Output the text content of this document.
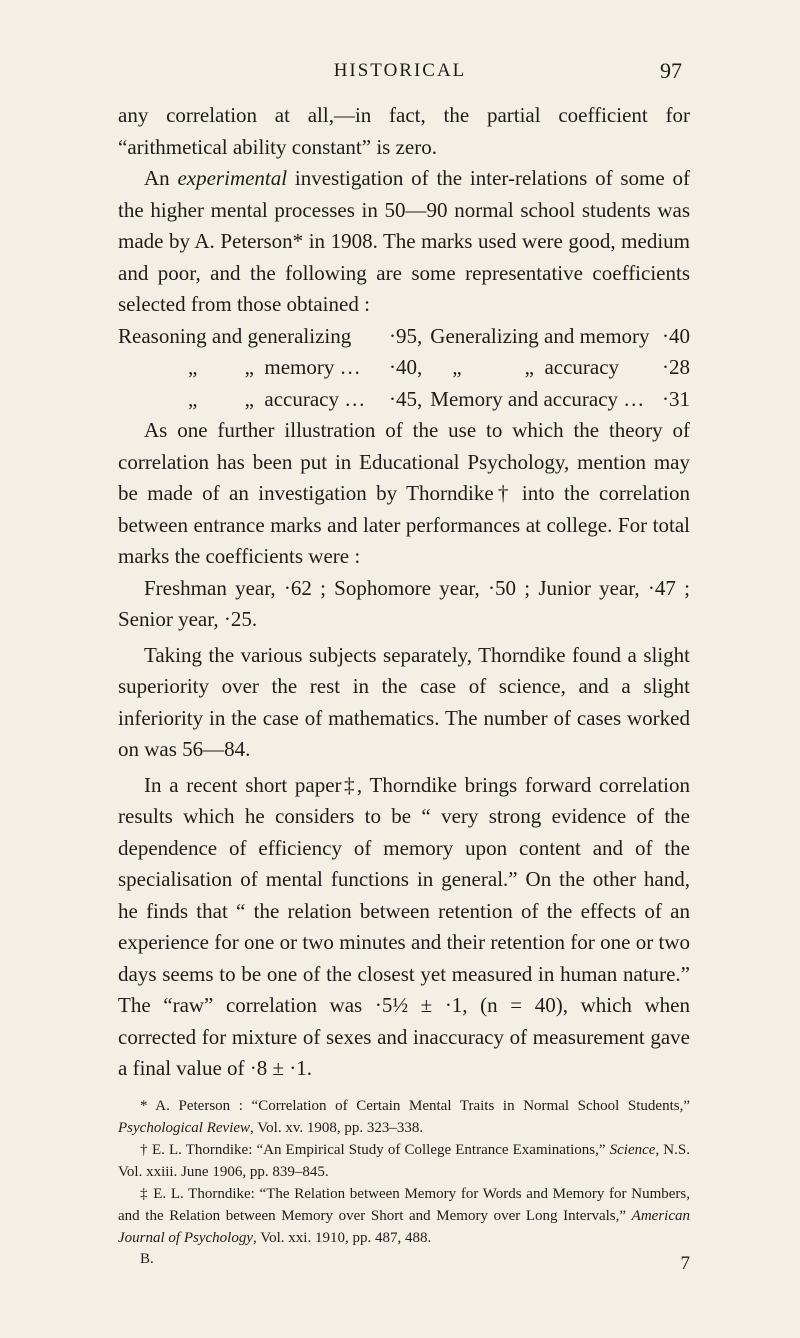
HISTORICAL	97

any correlation at all,—in fact, the partial coefficient for “arithmetical ability constant” is zero.

An experimental investigation of the inter-relations of some of the higher mental processes in 50—90 normal school students was made by A. Peterson* in 1908. The marks used were good, medium and poor, and the following are some representative coefficients selected from those obtained :

Reasoning and generalizing	·95,	Generalizing and memory	·40
„         „  memory …	·40,	„            „  accuracy	·28
„         „  accuracy …	·45,	Memory and accuracy …	·31

As one further illustration of the use to which the theory of correlation has been put in Educational Psychology, mention may be made of an investigation by Thorndike† into the correlation between entrance marks and later performances at college. For total marks the coefficients were :

Freshman year, ·62 ; Sophomore year, ·50 ; Junior year, ·47 ; Senior year, ·25.

Taking the various subjects separately, Thorndike found a slight superiority over the rest in the case of science, and a slight inferiority in the case of mathematics. The number of cases worked on was 56—84.

In a recent short paper‡, Thorndike brings forward correlation results which he considers to be “ very strong evidence of the dependence of efficiency of memory upon content and of the specialisation of mental functions in general.” On the other hand, he finds that “ the relation between retention of the effects of an experience for one or two minutes and their retention for one or two days seems to be one of the closest yet measured in human nature.” The “raw” correlation was ·5½ ± ·1, (n = 40), which when corrected for mixture of sexes and inaccuracy of measurement gave a final value of ·8 ± ·1.

* A. Peterson : “Correlation of Certain Mental Traits in Normal School Students,” Psychological Review, Vol. xv. 1908, pp. 323–338.

† E. L. Thorndike: “An Empirical Study of College Entrance Examinations,” Science, N.S. Vol. xxiii. June 1906, pp. 839–845.

‡ E. L. Thorndike: “The Relation between Memory for Words and Memory for Numbers, and the Relation between Memory over Short and Memory over Long Intervals,” American Journal of Psychology, Vol. xxi. 1910, pp. 487, 488.

B.	7
